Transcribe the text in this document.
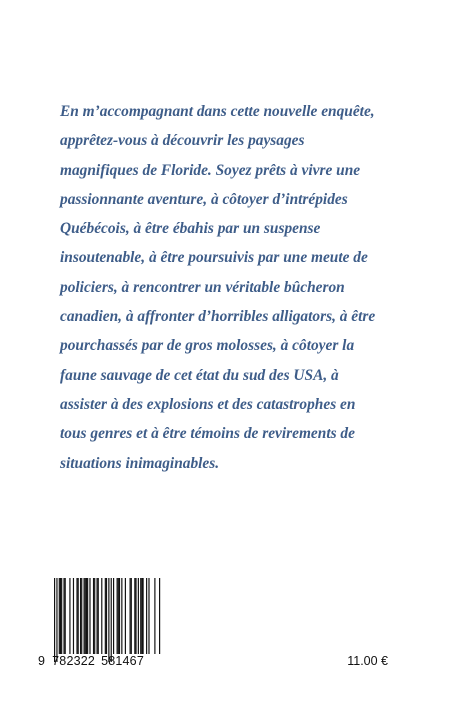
En m’accompagnant dans cette nouvelle enquête,
apprêtez-vous à découvrir les paysages
magnifiques de Floride. Soyez prêts à vivre une
passionnante aventure, à côtoyer d’intrépides
Québécois, à être ébahis par un suspense
insoutenable, à être poursuivis par une meute de
policiers, à rencontrer un véritable bûcheron
canadien, à affronter d’horribles alligators, à être
pourchassés par de gros molosses, à côtoyer la
faune sauvage de cet état du sud des USA, à
assister à des explosions et des catastrophes en
tous genres et à être témoins de revirements de
situations inimaginables.

9 782322 581467	11.00 €
